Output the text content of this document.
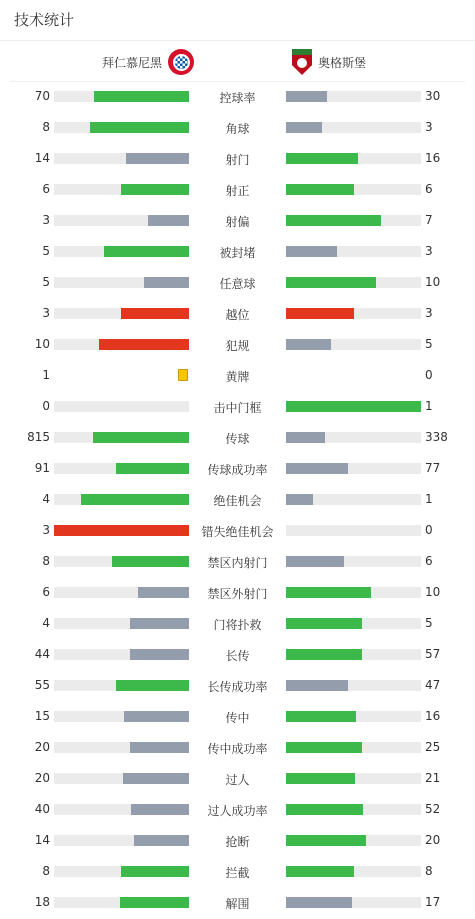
技术统计
拜仁慕尼黑	奥格斯堡
70	控球率	30
8	角球	3
14	射门	16
6	射正	6
3	射偏	7
5	被封堵	3
5	任意球	10
3	越位	3
10	犯规	5
1	黄牌	0
0	击中门框	1
815	传球	338
91	传球成功率	77
4	绝佳机会	1
3	错失绝佳机会	0
8	禁区内射门	6
6	禁区外射门	10
4	门将扑救	5
44	长传	57
55	长传成功率	47
15	传中	16
20	传中成功率	25
20	过人	21
40	过人成功率	52
14	抢断	20
8	拦截	8
18	解围	17
